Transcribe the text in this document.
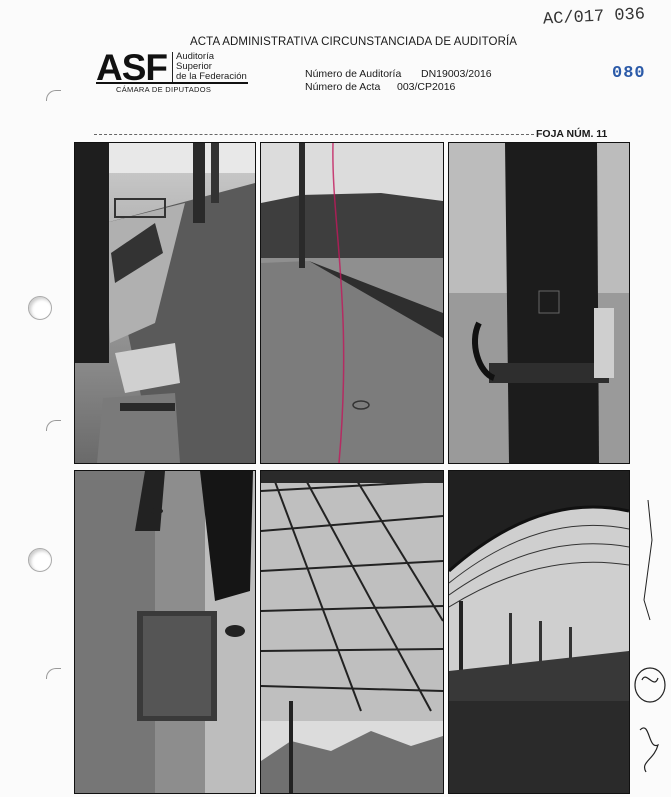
ACTA ADMINISTRATIVA CIRCUNSTANCIADA DE AUDITORÍA
AC/017 036
080
ASF Auditoría
Superior
de la Federación
CÁMARA DE DIPUTADOS
Número de Auditoría DN19003/2016
Número de Acta 003/CP2016
FOJA NÚM. 11
